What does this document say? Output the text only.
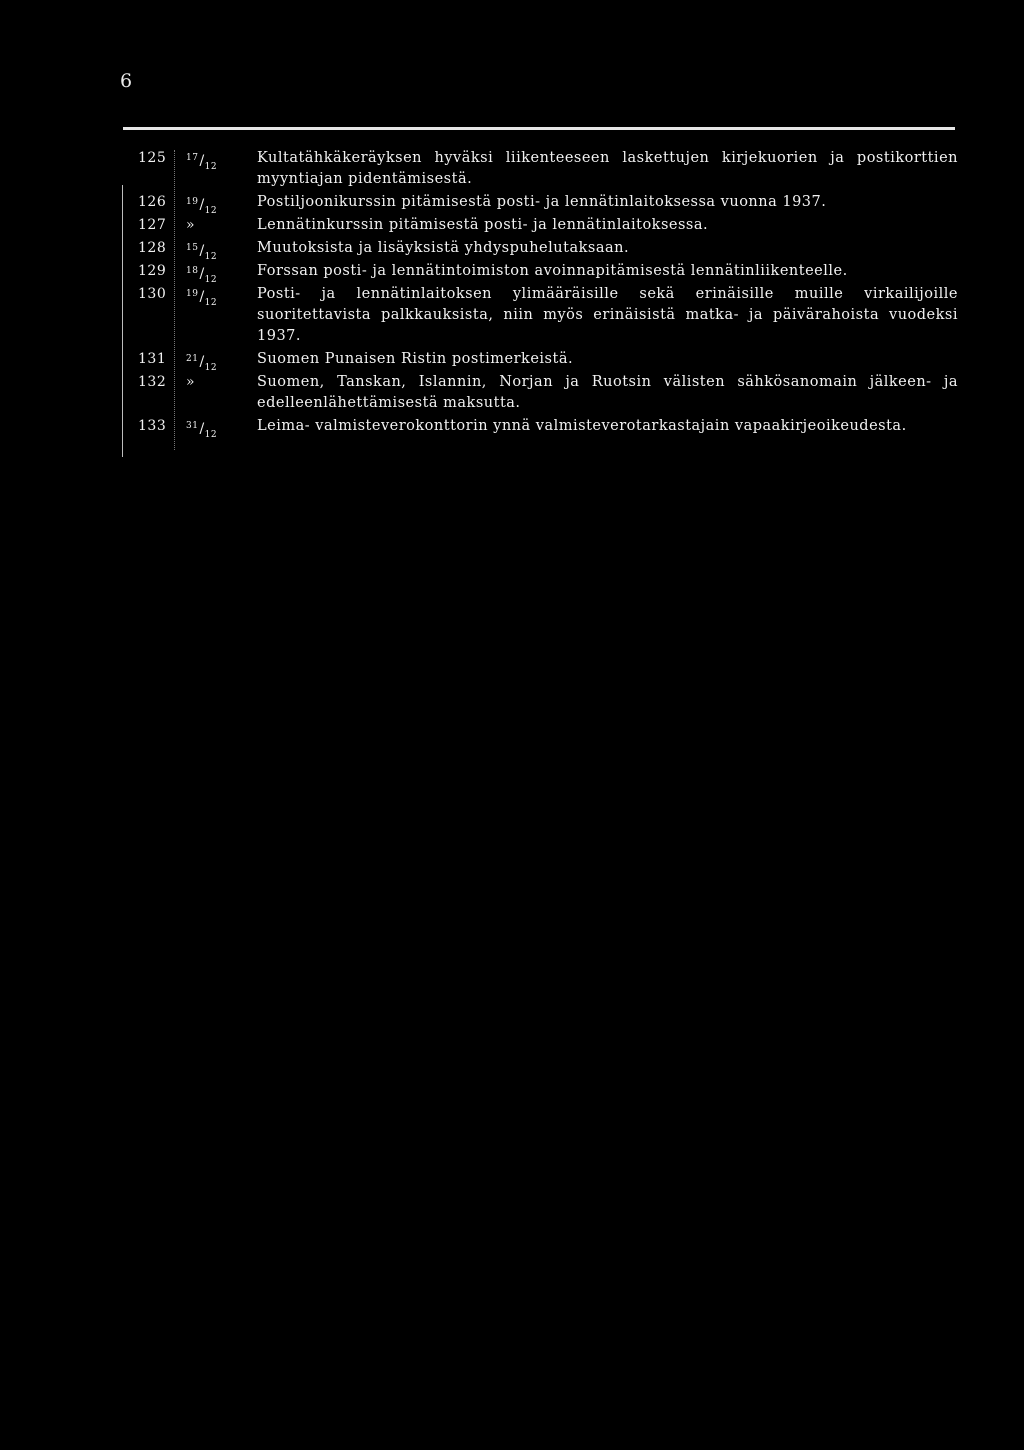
6
125 $^{17}/_{12}$
Kultatähkäkeräyksen hyväksi liikenteeseen laskettujen kirjekuorien ja postikorttien myyntiajan pidentämisestä.
126 $^{19}/_{12}$
Postiljoonikurssin pitämisestä posti- ja lennätinlaitoksessa vuonna 1937.
127 »	Lennätinkurssin pitämisestä posti- ja lennätinlaitoksessa.
128 $^{15}/_{12}$
Muutoksista ja lisäyksistä yhdyspuhelutaksaan.
129 $^{18}/_{12}$
Forssan posti- ja lennätintoimiston avoinnapitämisestä lennätinliikenteelle.
130 $^{19}/_{12}$
Posti- ja lennätinlaitoksen ylimääräisille sekä erinäisille muille virkailijoille suoritettavista palkkauksista, niin myös erinäisistä matka- ja päivärahoista vuodeksi 1937.
131 $^{21}/_{12}$
Suomen Punaisen Ristin postimerkeistä.
132 »	Suomen, Tanskan, Islannin, Norjan ja Ruotsin välisten sähkösanomain jälkeen- ja edelleenlähettämisestä maksutta.
133 $^{31}/_{12}$
Leima- valmisteverokonttorin ynnä valmisteverotarkastajain vapaakirjeoikeudesta.
